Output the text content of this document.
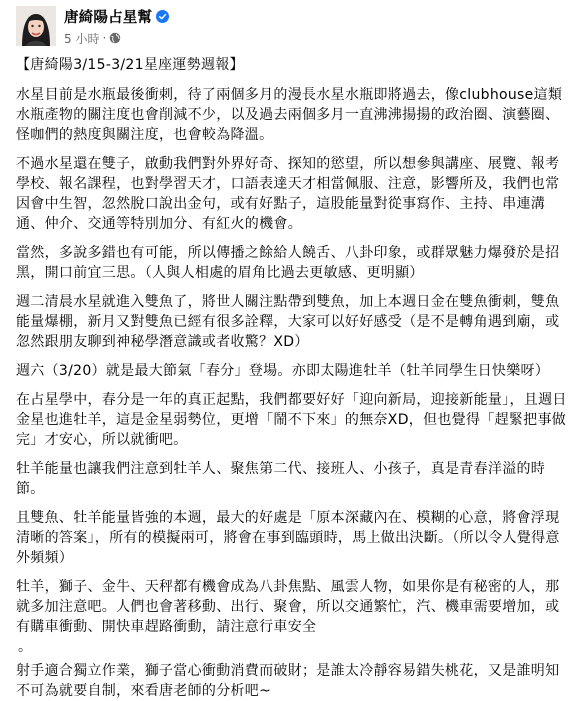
唐綺陽占星幫
5 小時 ·

【唐綺陽3/15-3/21星座運勢週報】

水星目前是水瓶最後衝刺，待了兩個多月的漫長水星水瓶即將過去，像clubhouse這類水瓶產物的關注度也會削減不少，以及過去兩個多月一直沸沸揚揚的政治圈、演藝圈、怪咖們的熱度與關注度，也會較為降溫。

不過水星還在雙子，啟動我們對外界好奇、探知的慾望，所以想參與講座、展覽、報考學校、報名課程，也對學習天才，口語表達天才相當佩服、注意，影響所及，我們也常因會中生智，忽然脫口說出金句，或有好點子，這股能量對從事寫作、主持、串連溝通、仲介、交通等特別加分、有紅火的機會。

當然，多說多錯也有可能，所以傳播之餘給人饒舌、八卦印象，或群眾魅力爆發於是招黑，開口前宜三思。（人與人相處的眉角比過去更敏感、更明顯）

週二清晨水星就進入雙魚了，將世人關注點帶到雙魚，加上本週日金在雙魚衝刺，雙魚能量爆棚，新月又對雙魚已經有很多詮釋，大家可以好好感受（是不是轉角遇到廟，或忽然跟朋友聊到神秘學潛意識或者收驚？XD）

週六（3/20）就是最大節氣「春分」登場。亦即太陽進牡羊（牡羊同學生日快樂呀）

在占星學中，春分是一年的真正起點，我們都要好好「迎向新局，迎接新能量」，且週日金星也進牡羊，這是金星弱勢位，更增「鬧不下來」的無奈XD，但也覺得「趕緊把事做完」才安心，所以就衝吧。

牡羊能量也讓我們注意到牡羊人、聚焦第二代、接班人、小孩子，真是青春洋溢的時節。

且雙魚、牡羊能量皆強的本週，最大的好處是「原本深藏內在、模糊的心意，將會浮現清晰的答案」，所有的模擬兩可，將會在事到臨頭時，馬上做出決斷。（所以令人覺得意外頻頻）

牡羊，獅子、金牛、天秤都有機會成為八卦焦點、風雲人物，如果你是有秘密的人，那就多加注意吧。人們也會著移動、出行、聚會，所以交通繁忙，汽、機車需要增加，或有購車衝動、開快車趕路衝動，請注意行車安全

。

射手適合獨立作業，獅子當心衝動消費而破財；是誰太冷靜容易錯失桃花，又是誰明知不可為就要自制，來看唐老師的分析吧~
